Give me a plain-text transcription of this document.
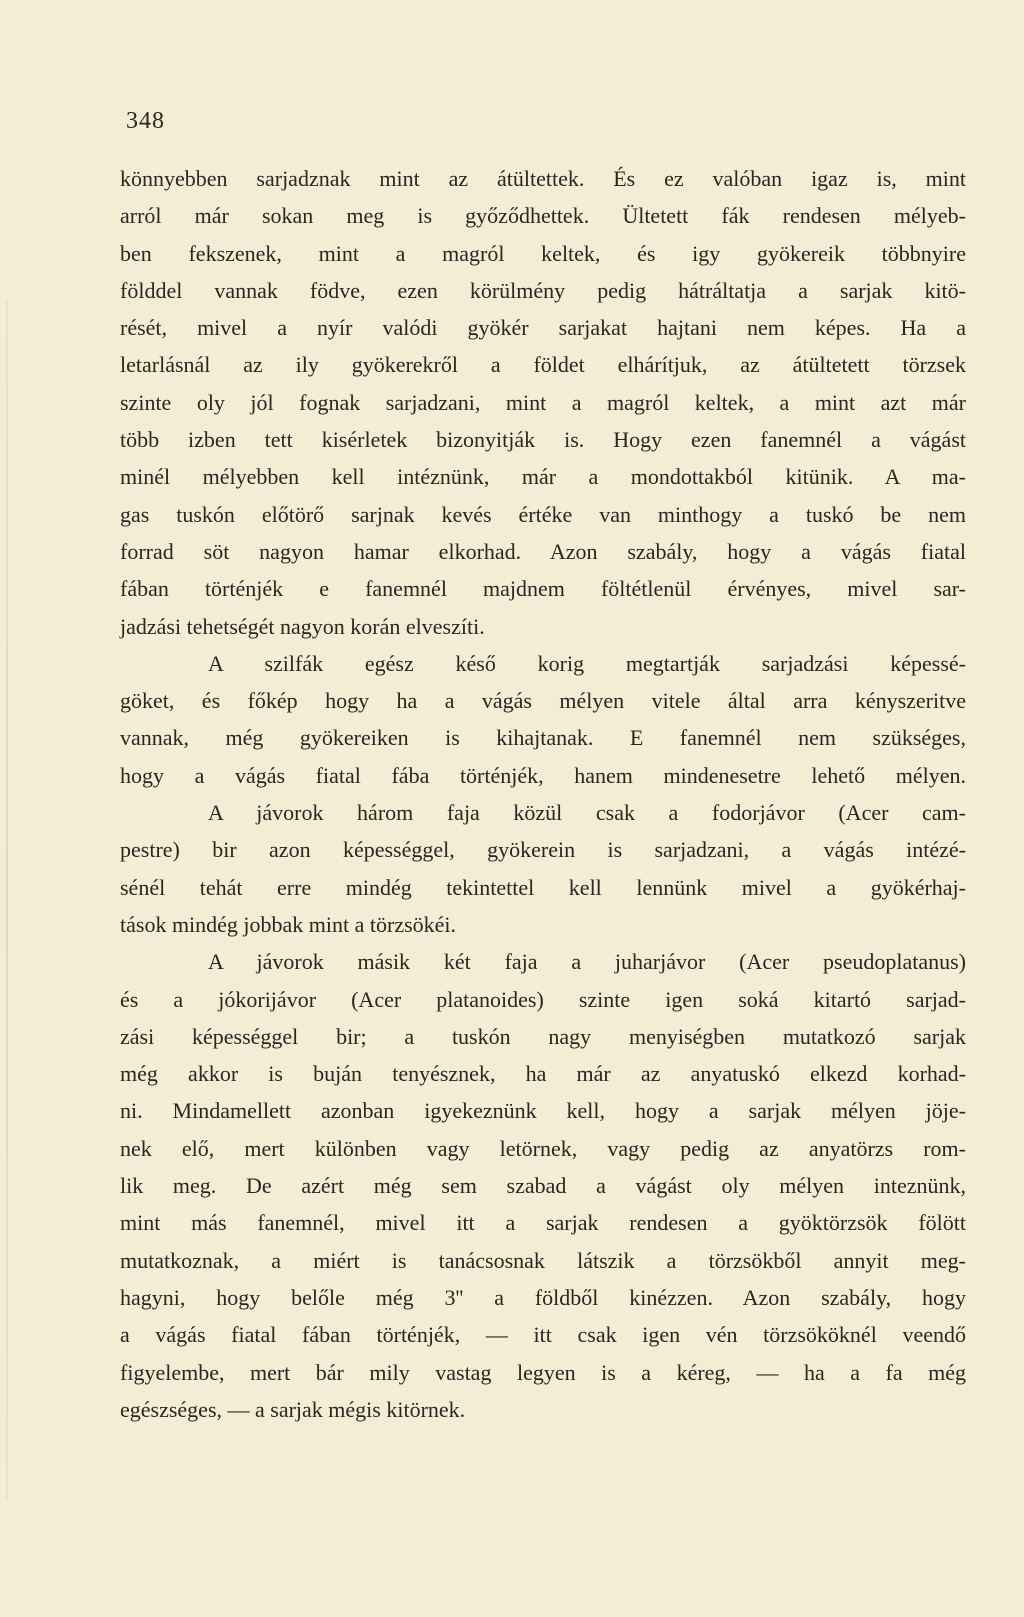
348
könnyebben sarjadznak mint az átültettek. És ez valóban igaz is, mint
arról már sokan meg is győződhettek. Ültetett fák rendesen mélyeb-
ben fekszenek, mint a magról keltek, és igy gyökereik többnyire
földdel vannak födve, ezen körülmény pedig hátráltatja a sarjak kitö-
rését, mivel a nyír valódi gyökér sarjakat hajtani nem képes. Ha a
letarlásnál az ily gyökerekről a földet elhárítjuk, az átültetett törzsek
szinte oly jól fognak sarjadzani, mint a magról keltek, a mint azt már
több izben tett kisérletek bizonyitják is. Hogy ezen fanemnél a vágást
minél mélyebben kell intéznünk, már a mondottakból kitünik. A ma-
gas tuskón előtörő sarjnak kevés értéke van minthogy a tuskó be nem
forrad söt nagyon hamar elkorhad. Azon szabály, hogy a vágás fiatal
fában történjék e fanemnél majdnem föltétlenül érvényes, mivel sar-
jadzási tehetségét nagyon korán elveszíti.
A szilfák egész késő korig megtartják sarjadzási képessé-
göket, és főkép hogy ha a vágás mélyen vitele által arra kényszeritve
vannak, még gyökereiken is kihajtanak. E fanemnél nem szükséges,
hogy a vágás fiatal fába történjék, hanem mindenesetre lehető mélyen.
A jávorok három faja közül csak a fodorjávor (Acer cam-
pestre) bir azon képességgel, gyökerein is sarjadzani, a vágás intézé-
sénél tehát erre mindég tekintettel kell lennünk mivel a gyökérhaj-
tások mindég jobbak mint a törzsökéi.
A jávorok másik két faja a juharjávor (Acer pseudoplatanus)
és a jókorijávor (Acer platanoides) szinte igen soká kitartó sarjad-
zási képességgel bir; a tuskón nagy menyiségben mutatkozó sarjak
még akkor is buján tenyésznek, ha már az anyatuskó elkezd korhad-
ni. Mindamellett azonban igyekeznünk kell, hogy a sarjak mélyen jöje-
nek elő, mert különben vagy letörnek, vagy pedig az anyatörzs rom-
lik meg. De azért még sem szabad a vágást oly mélyen inteznünk,
mint más fanemnél, mivel itt a sarjak rendesen a gyöktörzsök fölött
mutatkoznak, a miért is tanácsosnak látszik a törzsökből annyit meg-
hagyni, hogy belőle még 3'' a földből kinézzen. Azon szabály, hogy
a vágás fiatal fában történjék, — itt csak igen vén törzsököknél veendő
figyelembe, mert bár mily vastag legyen is a kéreg, — ha a fa még
egészséges, — a sarjak mégis kitörnek.
